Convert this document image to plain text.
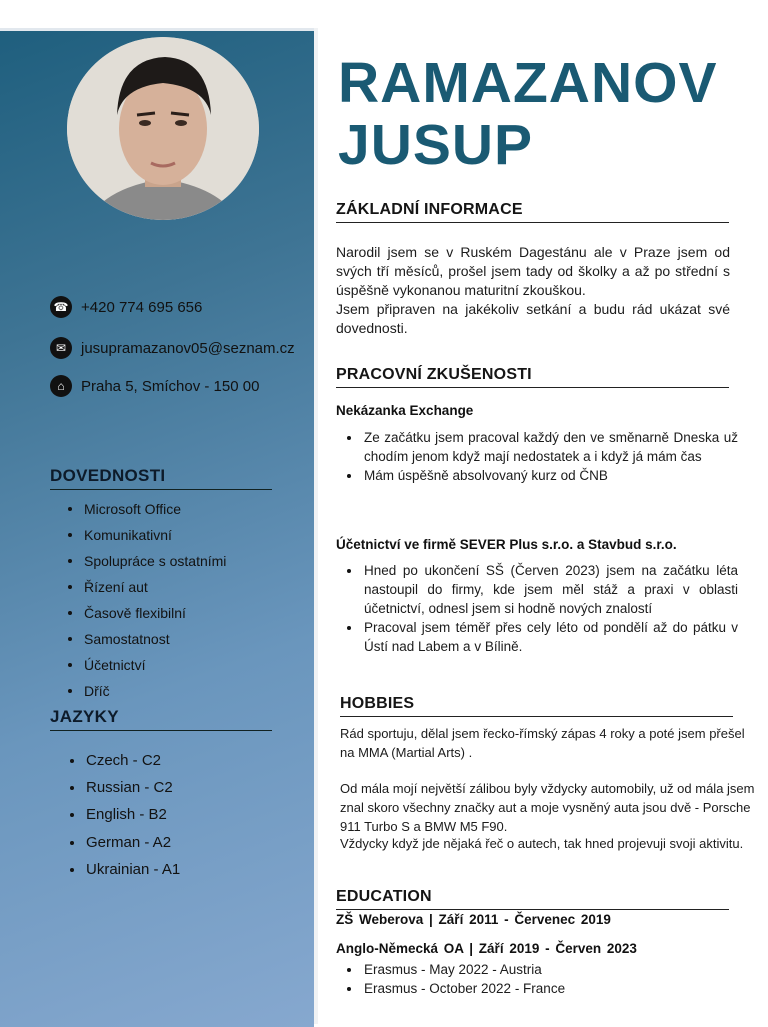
☎ +420 774 695 656
✉ jusupramazanov05@seznam.cz
⌂	Praha 5, Smíchov - 150 00
DOVEDNOSTI
Microsoft Office
Komunikativní
Spolupráce s ostatními
Řízení aut
Časově flexibilní
Samostatnost
Účetnictví
Dříč
JAZYKY
Czech - C2
Russian - C2
English - B2
German - A2
Ukrainian - A1
RAMAZANOV
JUSUP
ZÁKLADNÍ INFORMACE

Narodil jsem se v Ruském Dagestánu ale v Praze jsem od svých tří měsíců, prošel jsem tady od školky a až po střední s úspěšně vykonanou maturitní zkouškou.

Jsem připraven na jakékoliv setkání a budu rád ukázat své dovednosti.

PRACOVNÍ ZKUŠENOSTI
Nekázanka Exchange
Ze začátku jsem pracoval každý den ve směnarně Dneska už chodím jenom když mají nedostatek a i když já mám čas
Mám úspěšně absolvovaný kurz od ČNB
Účetnictví ve firmě SEVER Plus s.r.o. a Stavbud s.r.o.
Hned po ukončení SŠ (Červen 2023) jsem na začátku léta nastoupil do firmy, kde jsem měl stáž a praxi v oblasti účetnictví, odnesl jsem si hodně nových znalostí
Pracoval jsem téměř přes cely léto od pondělí až do pátku v Ústí nad Labem a v Bílině.
HOBBIES

Rád sportuju, dělal jsem řecko-římský zápas 4 roky a poté jsem přešel na MMA (Martial Arts) .

Od mála mojí největší zálibou byly vždycky automobily, už od mála jsem znal skoro všechny značky aut a moje vysněný auta jsou dvě - Porsche 911 Turbo S a BMW M5 F90.

Vždycky když jde nějaká řeč o autech, tak hned projevuji svoji aktivitu.

EDUCATION
ZŠ Weberova | Září 2011 - Červenec 2019
Anglo-Německá OA | Září 2019 - Červen 2023
Erasmus - May 2022 - Austria
Erasmus - October 2022 - France
